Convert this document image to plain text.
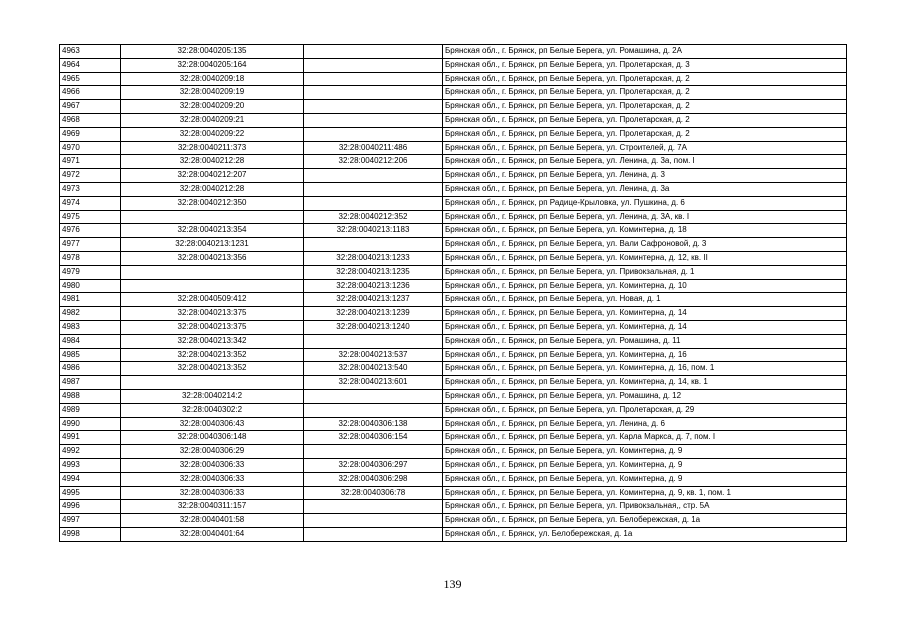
4963	32:28:0040205:135		Брянская обл., г. Брянск, рп Белые Берега, ул. Ромашина, д. 2А
4964	32:28:0040205:164		Брянская обл., г. Брянск, рп Белые Берега, ул. Пролетарская, д. 3
4965	32:28:0040209:18		Брянская обл., г. Брянск, рп Белые Берега, ул. Пролетарская, д. 2
4966	32:28:0040209:19		Брянская обл., г. Брянск, рп Белые Берега, ул. Пролетарская, д. 2
4967	32:28:0040209:20		Брянская обл., г. Брянск, рп Белые Берега, ул. Пролетарская, д. 2
4968	32:28:0040209:21		Брянская обл., г. Брянск, рп Белые Берега, ул. Пролетарская, д. 2
4969	32:28:0040209:22		Брянская обл., г. Брянск, рп Белые Берега, ул. Пролетарская, д. 2
4970	32:28:0040211:373	32:28:0040211:486	Брянская обл., г. Брянск, рп Белые Берега, ул. Строителей, д. 7А
4971	32:28:0040212:28	32:28:0040212:206	Брянская обл., г. Брянск, рп Белые Берега, ул. Ленина, д. 3а, пом. I
4972	32:28:0040212:207		Брянская обл., г. Брянск, рп Белые Берега, ул. Ленина, д. 3
4973	32:28:0040212:28		Брянская обл., г. Брянск, рп Белые Берега, ул. Ленина, д. 3а
4974	32:28:0040212:350		Брянская обл., г. Брянск, рп Радице-Крыловка, ул. Пушкина, д. 6
4975		32:28:0040212:352	Брянская обл., г. Брянск, рп Белые Берега, ул. Ленина, д. 3А, кв. I
4976	32:28:0040213:354	32:28:0040213:1183	Брянская обл., г. Брянск, рп Белые Берега, ул. Коминтерна, д. 18
4977	32:28:0040213:1231		Брянская обл., г. Брянск, рп Белые Берега, ул. Вали Сафроновой, д. 3
4978	32:28:0040213:356	32:28:0040213:1233	Брянская обл., г. Брянск, рп Белые Берега, ул. Коминтерна, д. 12, кв. II
4979		32:28:0040213:1235	Брянская обл., г. Брянск, рп Белые Берега, ул. Привокзальная, д. 1
4980		32:28:0040213:1236	Брянская обл., г. Брянск, рп Белые Берега, ул. Коминтерна, д. 10
4981	32:28:0040509:412	32:28:0040213:1237	Брянская обл., г. Брянск, рп Белые Берега, ул. Новая, д. 1
4982	32:28:0040213:375	32:28:0040213:1239	Брянская обл., г. Брянск, рп Белые Берега, ул. Коминтерна, д. 14
4983	32:28:0040213:375	32:28:0040213:1240	Брянская обл., г. Брянск, рп Белые Берега, ул. Коминтерна, д. 14
4984	32:28:0040213:342		Брянская обл., г. Брянск, рп Белые Берега, ул. Ромашина, д. 11
4985	32:28:0040213:352	32:28:0040213:537	Брянская обл., г. Брянск, рп Белые Берега, ул. Коминтерна, д. 16
4986	32:28:0040213:352	32:28:0040213:540	Брянская обл., г. Брянск, рп Белые Берега, ул. Коминтерна, д. 16, пом. 1
4987		32:28:0040213:601	Брянская обл., г. Брянск, рп Белые Берега, ул. Коминтерна, д. 14, кв. 1
4988	32:28:0040214:2		Брянская обл., г. Брянск, рп Белые Берега, ул. Ромашина, д. 12
4989	32:28:0040302:2		Брянская обл., г. Брянск, рп Белые Берега, ул. Пролетарская, д. 29
4990	32:28:0040306:43	32:28:0040306:138	Брянская обл., г. Брянск, рп Белые Берега, ул. Ленина, д. 6
4991	32:28:0040306:148	32:28:0040306:154	Брянская обл., г. Брянск, рп Белые Берега, ул. Карла Маркса, д. 7, пом. I
4992	32:28:0040306:29		Брянская обл., г. Брянск, рп Белые Берега, ул. Коминтерна, д. 9
4993	32:28:0040306:33	32:28:0040306:297	Брянская обл., г. Брянск, рп Белые Берега, ул. Коминтерна, д. 9
4994	32:28:0040306:33	32:28:0040306:298	Брянская обл., г. Брянск, рп Белые Берега, ул. Коминтерна, д. 9
4995	32:28:0040306:33	32:28:0040306:78	Брянская обл., г. Брянск, рп Белые Берега, ул. Коминтерна, д. 9, кв. 1, пом. 1
4996	32:28:0040311:157		Брянская обл., г. Брянск, рп Белые Берега, ул. Привокзальная,, стр. 5А
4997	32:28:0040401:58		Брянская обл., г. Брянск, рп Белые Берега, ул. Белобережская, д. 1а
4998	32:28:0040401:64		Брянская обл., г. Брянск, ул. Белобережская, д. 1а
139
